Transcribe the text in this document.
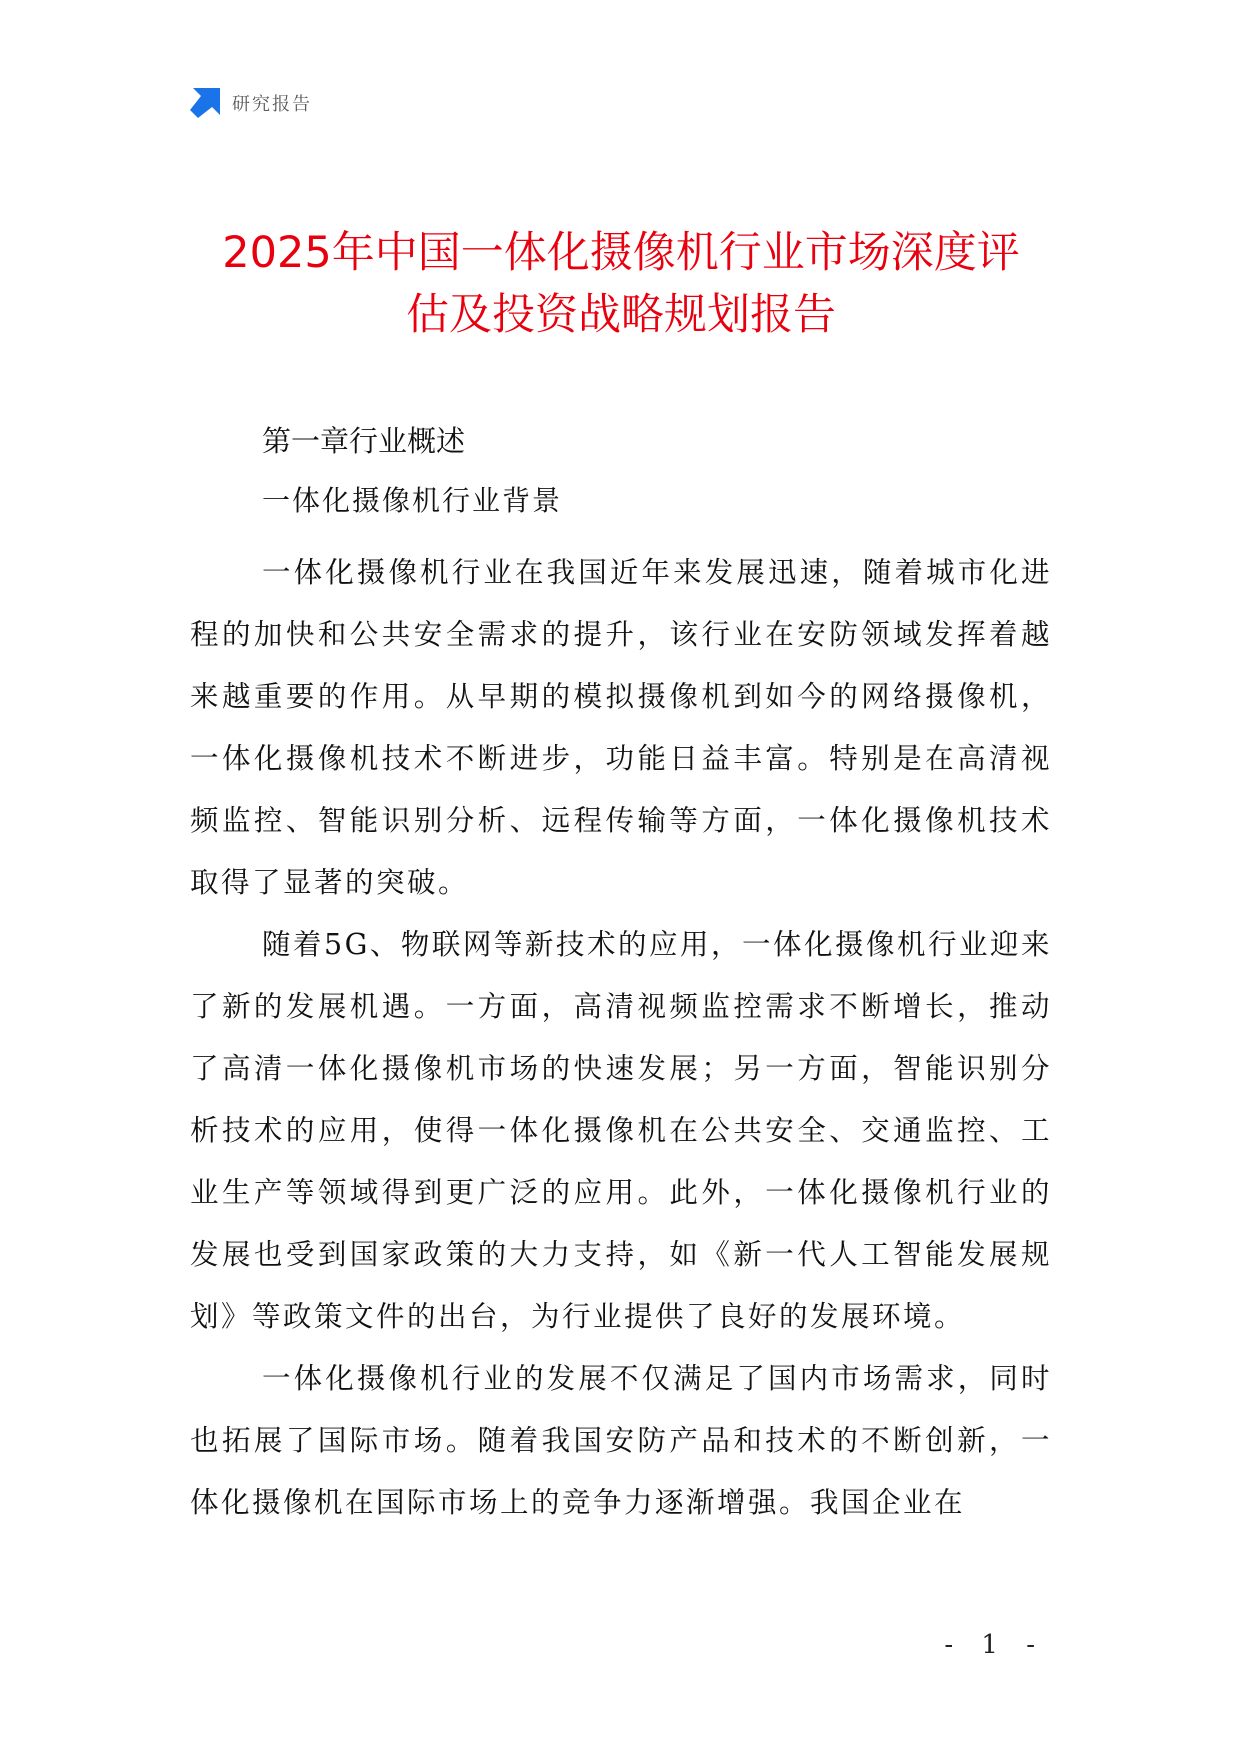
研究报告
2025年中国一体化摄像机行业市场深度评
估及投资战略规划报告
第一章行业概述
一体化摄像机行业背景

一体化摄像机行业在我国近年来发展迅速，随着城市化进程的加快和公共安全需求的提升，该行业在安防领域发挥着越来越重要的作用。从早期的模拟摄像机到如今的网络摄像机，一体化摄像机技术不断进步，功能日益丰富。特别是在高清视频监控、智能识别分析、远程传输等方面，一体化摄像机技术取得了显著的突破。

随着5G、物联网等新技术的应用，一体化摄像机行业迎来了新的发展机遇。一方面，高清视频监控需求不断增长，推动了高清一体化摄像机市场的快速发展；另一方面，智能识别分析技术的应用，使得一体化摄像机在公共安全、交通监控、工业生产等领域得到更广泛的应用。此外，一体化摄像机行业的发展也受到国家政策的大力支持，如《新一代人工智能发展规划》等政策文件的出台，为行业提供了良好的发展环境。

一体化摄像机行业的发展不仅满足了国内市场需求，同时也拓展了国际市场。随着我国安防产品和技术的不断创新，一体化摄像机在国际市场上的竞争力逐渐增强。我国企业在

- 1 -
